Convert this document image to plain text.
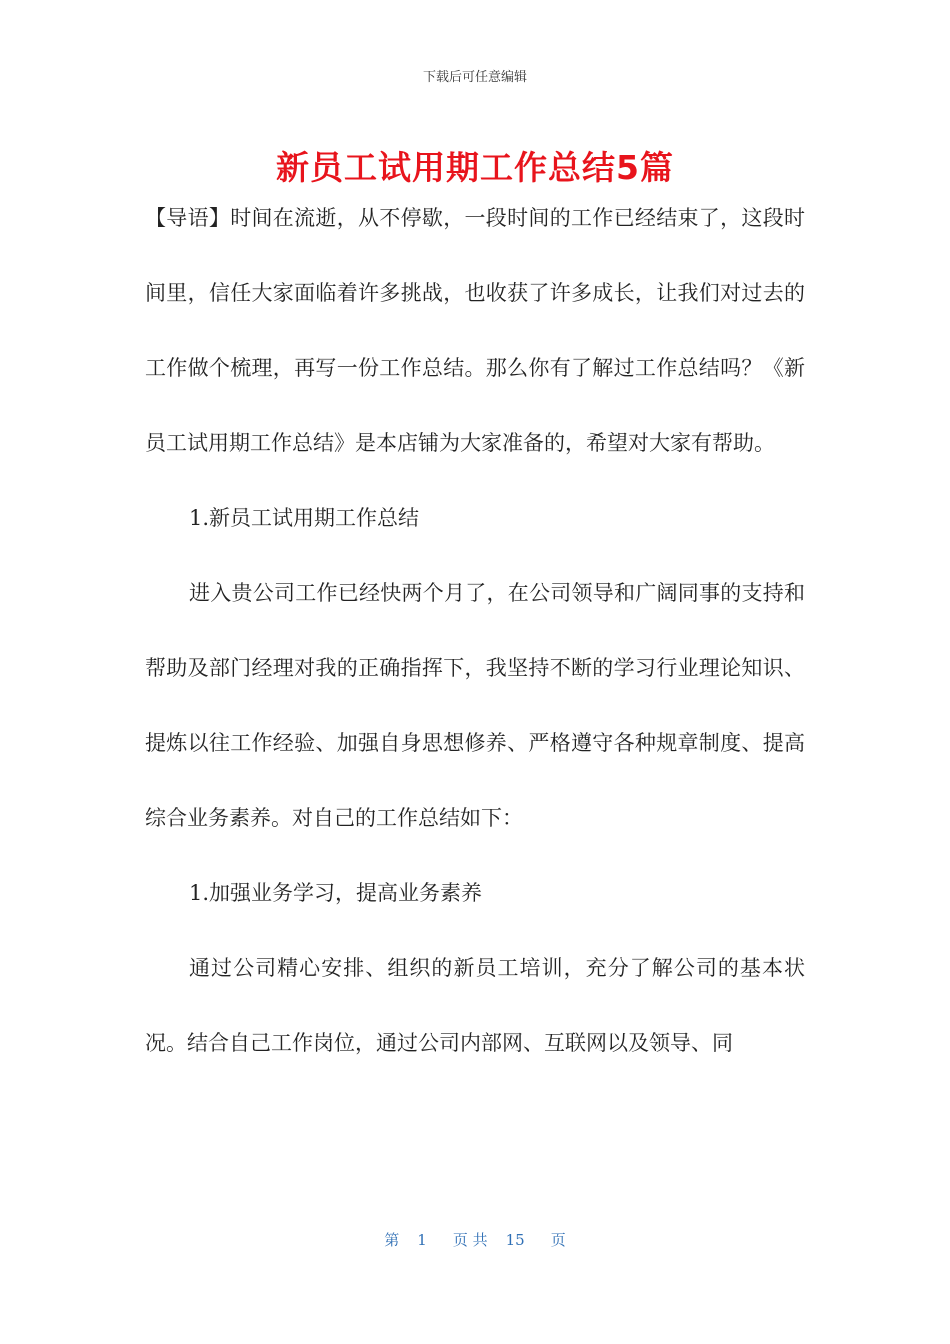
下载后可任意编辑
新员工试用期工作总结5篇

【导语】时间在流逝，从不停歇，一段时间的工作已经结束了，这段时间里，信任大家面临着许多挑战，也收获了许多成长，让我们对过去的工作做个梳理，再写一份工作总结。那么你有了解过工作总结吗？《新员工试用期工作总结》是本店铺为大家准备的，希望对大家有帮助。

1.新员工试用期工作总结

进入贵公司工作已经快两个月了，在公司领导和广阔同事的支持和帮助及部门经理对我的正确指挥下，我坚持不断的学习行业理论知识、提炼以往工作经验、加强自身思想修养、严格遵守各种规章制度、提高综合业务素养。对自己的工作总结如下：

1.加强业务学习，提高业务素养

通过公司精心安排、组织的新员工培训，充分了解公司的基本状况。结合自己工作岗位，通过公司内部网、互联网以及领导、同

第 1 页 共 15 页
